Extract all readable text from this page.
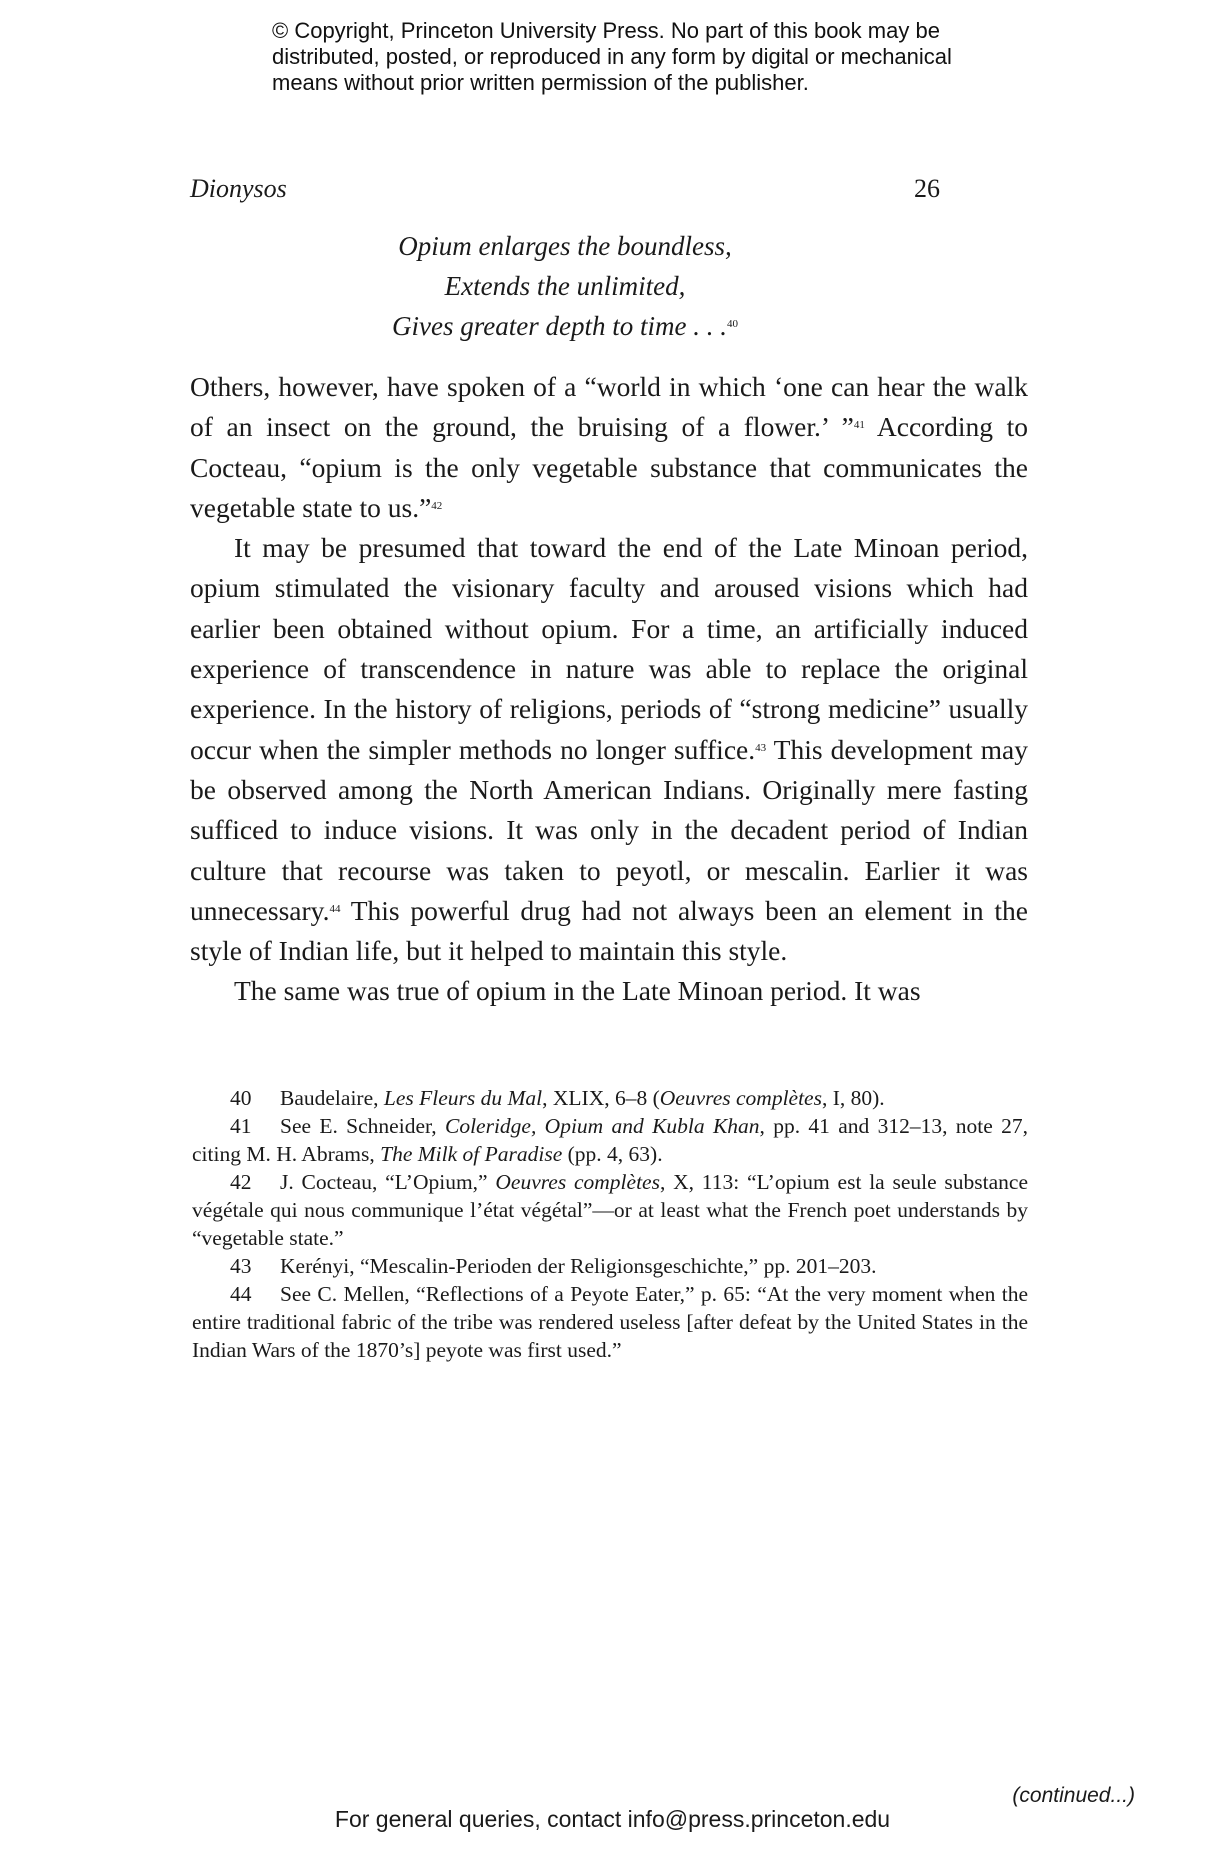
© Copyright, Princeton University Press. No part of this book may be
distributed, posted, or reproduced in any form by digital or mechanical
means without prior written permission of the publisher.
Dionysos	26
Opium enlarges the boundless,
Extends the unlimited,
Gives greater depth to time . . .$^{40}$

Others, however, have spoken of a “world in which ‘one can hear the walk of an insect on the ground, the bruising of a flower.’ ”$^{41}$ According to Cocteau, “opium is the only vegetable substance that communicates the vegetable state to us.”$^{42}$

It may be presumed that toward the end of the Late Minoan period, opium stimulated the visionary faculty and aroused visions which had earlier been obtained without opium. For a time, an artificially induced experience of transcendence in nature was able to replace the original experience. In the history of religions, periods of “strong medicine” usually occur when the simpler methods no longer suffice.$^{43}$ This development may be observed among the North American Indians. Originally mere fasting sufficed to induce visions. It was only in the decadent period of Indian culture that recourse was taken to peyotl, or mescalin. Earlier it was unnecessary.$^{44}$ This powerful drug had not always been an element in the style of Indian life, but it helped to maintain this style.

The same was true of opium in the Late Minoan period. It was

40 Baudelaire, Les Fleurs du Mal, XLIX, 6–8 (Oeuvres complètes, I, 80).

41 See E. Schneider, Coleridge, Opium and Kubla Khan, pp. 41 and 312–13, note 27, citing M. H. Abrams, The Milk of Paradise (pp. 4, 63).

42 J. Cocteau, “L’Opium,” Oeuvres complètes, X, 113: “L’opium est la seule substance végétale qui nous communique l’état végétal”—or at least what the French poet understands by “vegetable state.”

43 Kerényi, “Mescalin-Perioden der Religionsgeschichte,” pp. 201–203.

44 See C. Mellen, “Reflections of a Peyote Eater,” p. 65: “At the very moment when the entire traditional fabric of the tribe was rendered useless [after defeat by the United States in the Indian Wars of the 1870’s] peyote was first used.”

(continued...)
For general queries, contact info@press.princeton.edu
